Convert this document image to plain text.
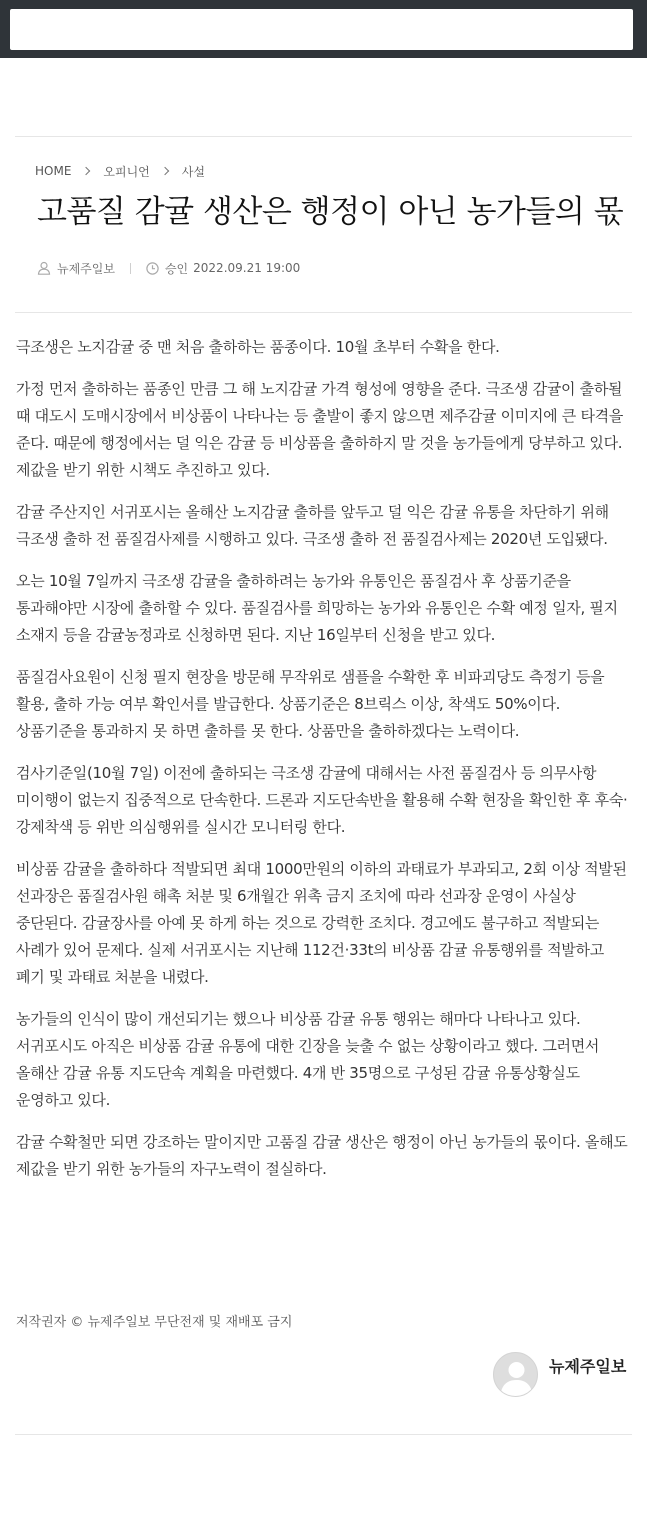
HOME	오피니언	사설
고품질 감귤 생산은 행정이 아닌 농가들의 몫
뉴제주일보	승인 2022.09.21 19:00

극조생은 노지감귤 중 맨 처음 출하하는 품종이다. 10월 초부터 수확을 한다.

가정 먼저 출하하는 품종인 만큼 그 해 노지감귤 가격 형성에 영향을 준다. 극조생 감귤이 출하될 때 대도시 도매시장에서 비상품이 나타나는 등 출발이 좋지 않으면 제주감귤 이미지에 큰 타격을 준다. 때문에 행정에서는 덜 익은 감귤 등 비상품을 출하하지 말 것을 농가들에게 당부하고 있다. 제값을 받기 위한 시책도 추진하고 있다.

감귤 주산지인 서귀포시는 올해산 노지감귤 출하를 앞두고 덜 익은 감귤 유통을 차단하기 위해 극조생 출하 전 품질검사제를 시행하고 있다. 극조생 출하 전 품질검사제는 2020년 도입됐다.

오는 10월 7일까지 극조생 감귤을 출하하려는 농가와 유통인은 품질검사 후 상품기준을 통과해야만 시장에 출하할 수 있다. 품질검사를 희망하는 농가와 유통인은 수확 예정 일자, 필지 소재지 등을 감귤농정과로 신청하면 된다. 지난 16일부터 신청을 받고 있다.

품질검사요원이 신청 필지 현장을 방문해 무작위로 샘플을 수확한 후 비파괴당도 측정기 등을 활용, 출하 가능 여부 확인서를 발급한다. 상품기준은 8브릭스 이상, 착색도 50%이다. 상품기준을 통과하지 못 하면 출하를 못 한다. 상품만을 출하하겠다는 노력이다.

검사기준일(10월 7일) 이전에 출하되는 극조생 감귤에 대해서는 사전 품질검사 등 의무사항 미이행이 없는지 집중적으로 단속한다. 드론과 지도단속반을 활용해 수확 현장을 확인한 후 후숙·강제착색 등 위반 의심행위를 실시간 모니터링 한다.

비상품 감귤을 출하하다 적발되면 최대 1000만원의 이하의 과태료가 부과되고, 2회 이상 적발된 선과장은 품질검사원 해촉 처분 및 6개월간 위촉 금지 조치에 따라 선과장 운영이 사실상 중단된다. 감귤장사를 아예 못 하게 하는 것으로 강력한 조치다. 경고에도 불구하고 적발되는 사례가 있어 문제다. 실제 서귀포시는 지난해 112건·33t의 비상품 감귤 유통행위를 적발하고 폐기 및 과태료 처분을 내렸다.

농가들의 인식이 많이 개선되기는 했으나 비상품 감귤 유통 행위는 해마다 나타나고 있다. 서귀포시도 아직은 비상품 감귤 유통에 대한 긴장을 늦출 수 없는 상황이라고 했다. 그러면서 올해산 감귤 유통 지도단속 계획을 마련했다. 4개 반 35명으로 구성된 감귤 유통상황실도 운영하고 있다.

감귤 수확철만 되면 강조하는 말이지만 고품질 감귤 생산은 행정이 아닌 농가들의 몫이다. 올해도 제값을 받기 위한 농가들의 자구노력이 절실하다.

저작권자 © 뉴제주일보 무단전재 및 재배포 금지
뉴제주일보
